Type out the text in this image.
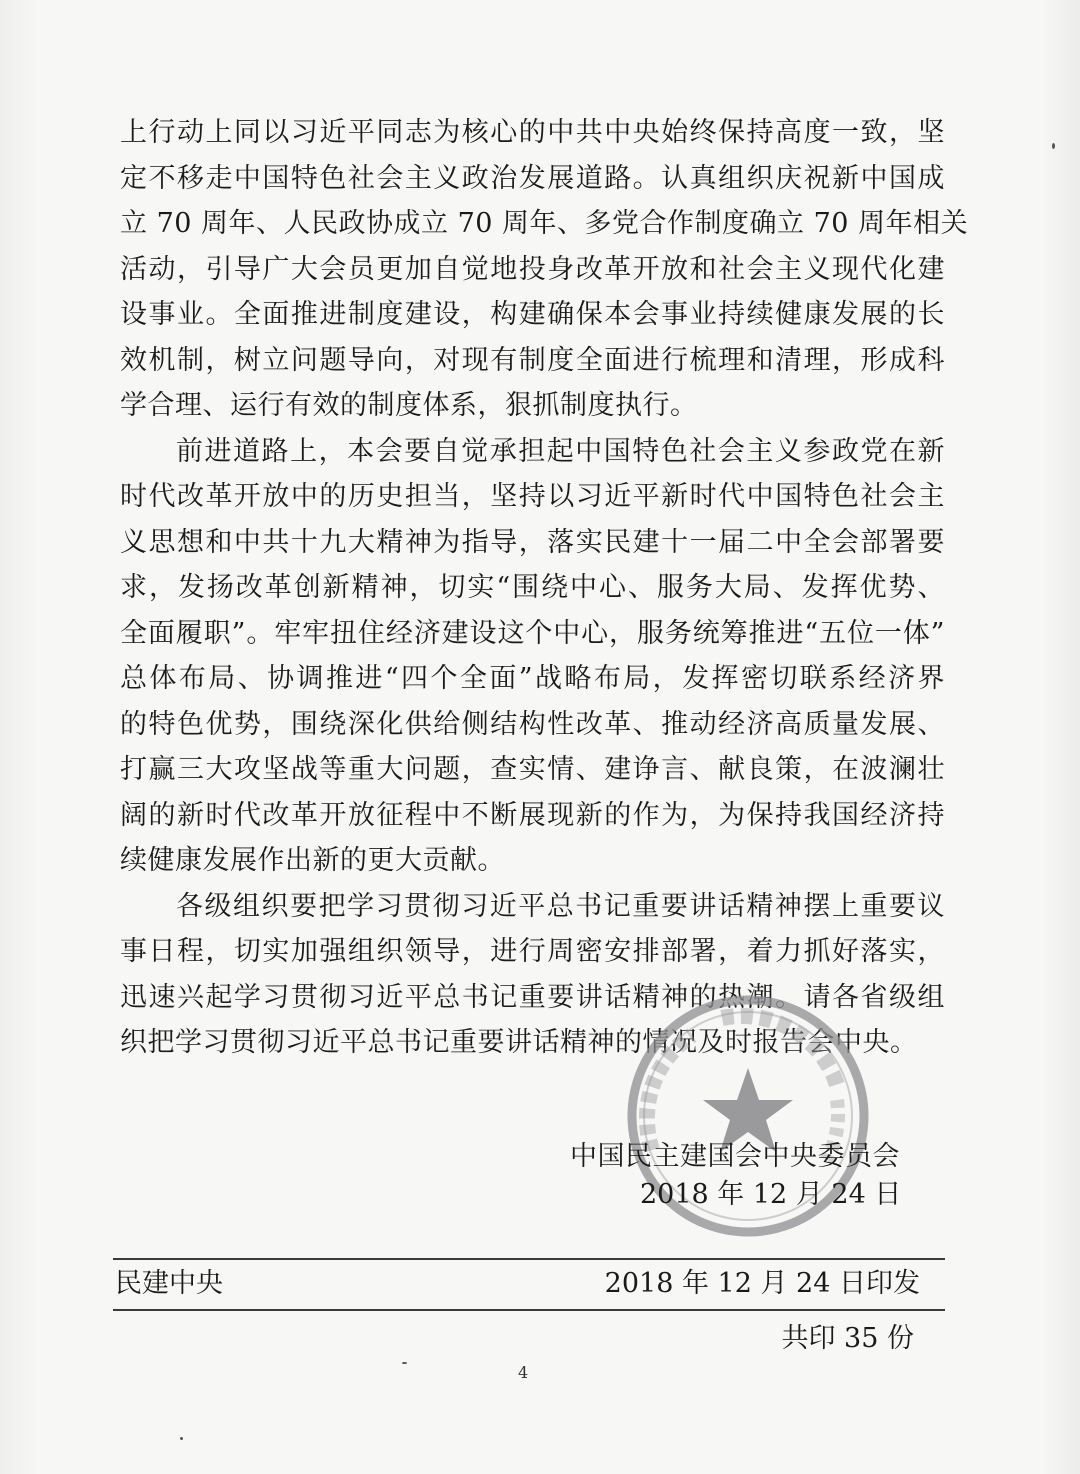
上行动上同以习近平同志为核心的中共中央始终保持高度一致，坚
定不移走中国特色社会主义政治发展道路。认真组织庆祝新中国成
立 70 周年、人民政协成立 70 周年、多党合作制度确立 70 周年相关
活动，引导广大会员更加自觉地投身改革开放和社会主义现代化建
设事业。全面推进制度建设，构建确保本会事业持续健康发展的长
效机制，树立问题导向，对现有制度全面进行梳理和清理，形成科
学合理、运行有效的制度体系，狠抓制度执行。
前进道路上，本会要自觉承担起中国特色社会主义参政党在新
时代改革开放中的历史担当，坚持以习近平新时代中国特色社会主
义思想和中共十九大精神为指导，落实民建十一届二中全会部署要
求，发扬改革创新精神，切实“围绕中心、服务大局、发挥优势、
全面履职”。牢牢扭住经济建设这个中心，服务统筹推进“五位一体”
总体布局、协调推进“四个全面”战略布局，发挥密切联系经济界
的特色优势，围绕深化供给侧结构性改革、推动经济高质量发展、
打赢三大攻坚战等重大问题，查实情、建诤言、献良策，在波澜壮
阔的新时代改革开放征程中不断展现新的作为，为保持我国经济持
续健康发展作出新的更大贡献。
各级组织要把学习贯彻习近平总书记重要讲话精神摆上重要议
事日程，切实加强组织领导，进行周密安排部署，着力抓好落实，
迅速兴起学习贯彻习近平总书记重要讲话精神的热潮。请各省级组
织把学习贯彻习近平总书记重要讲话精神的情况及时报告会中央。
中国民主建国会中央委员会
2018 年 12 月 24 日
民建中央	2018 年 12 月 24 日印发
共印 35 份
4
